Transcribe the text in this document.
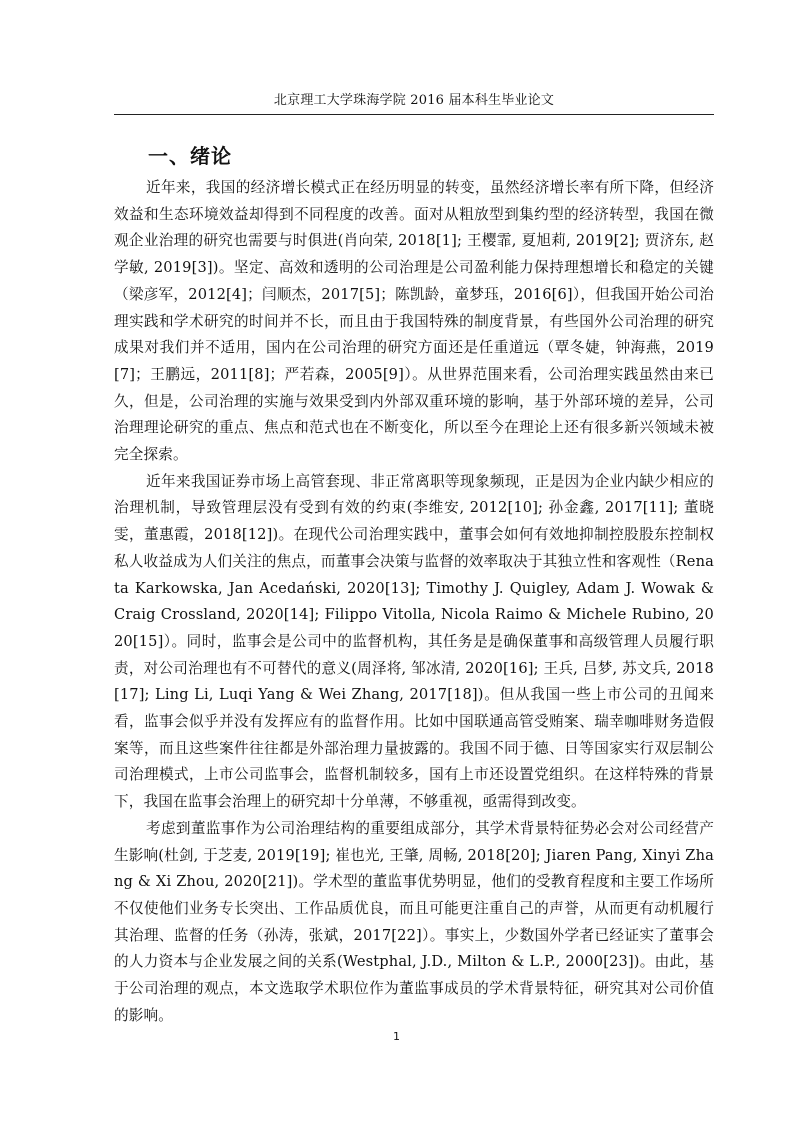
北京理工大学珠海学院 2016 届本科生毕业论文
一、绪论

近年来，我国的经济增长模式正在经历明显的转变，虽然经济增长率有所下降，但经济效益和生态环境效益却得到不同程度的改善。面对从粗放型到集约型的经济转型，我国在微观企业治理的研究也需要与时俱进(肖向荣, 2018[1]; 王樱霏, 夏旭莉, 2019[2]; 贾济东, 赵学敏, 2019[3])。坚定、高效和透明的公司治理是公司盈利能力保持理想增长和稳定的关键（梁彦军，2012[4]；闫顺杰，2017[5]；陈凯龄，童梦珏，2016[6]），但我国开始公司治理实践和学术研究的时间并不长，而且由于我国特殊的制度背景，有些国外公司治理的研究成果对我们并不适用，国内在公司治理的研究方面还是任重道远（覃冬婕，钟海燕，2019[7]；王鹏远，2011[8]；严若森，2005[9]）。从世界范围来看，公司治理实践虽然由来已久，但是，公司治理的实施与效果受到内外部双重环境的影响，基于外部环境的差异，公司治理理论研究的重点、焦点和范式也在不断变化，所以至今在理论上还有很多新兴领域未被完全探索。

近年来我国证券市场上高管套现、非正常离职等现象频现，正是因为企业内缺少相应的治理机制，导致管理层没有受到有效的约束(李维安, 2012[10]; 孙金鑫, 2017[11]; 董晓雯，董惠霞，2018[12])。在现代公司治理实践中，董事会如何有效地抑制控股股东控制权私人收益成为人们关注的焦点，而董事会决策与监督的效率取决于其独立性和客观性（Renata Karkowska, Jan Acedański, 2020[13]; Timothy J. Quigley, Adam J. Wowak & Craig Crossland, 2020[14]; Filippo Vitolla, Nicola Raimo & Michele Rubino, 2020[15]）。同时，监事会是公司中的监督机构，其任务是是确保董事和高级管理人员履行职责，对公司治理也有不可替代的意义(周泽将, 邹冰清, 2020[16]; 王兵, 吕梦, 苏文兵, 2018[17]; Ling Li, Luqi Yang & Wei Zhang, 2017[18])。但从我国一些上市公司的丑闻来看，监事会似乎并没有发挥应有的监督作用。比如中国联通高管受贿案、瑞幸咖啡财务造假案等，而且这些案件往往都是外部治理力量披露的。我国不同于德、日等国家实行双层制公司治理模式，上市公司监事会，监督机制较多，国有上市还设置党组织。在这样特殊的背景下，我国在监事会治理上的研究却十分单薄，不够重视，亟需得到改变。

考虑到董监事作为公司治理结构的重要组成部分，其学术背景特征势必会对公司经营产生影响(杜剑, 于芝麦, 2019[19]; 崔也光, 王肇, 周畅, 2018[20]; Jiaren Pang, Xinyi Zhang & Xi Zhou, 2020[21])。学术型的董监事优势明显，他们的受教育程度和主要工作场所不仅使他们业务专长突出、工作品质优良，而且可能更注重自己的声誉，从而更有动机履行其治理、监督的任务（孙涛，张斌，2017[22]）。事实上，少数国外学者已经证实了董事会的人力资本与企业发展之间的关系(Westphal, J.D., Milton & L.P., 2000[23])。由此，基于公司治理的观点，本文选取学术职位作为董监事成员的学术背景特征，研究其对公司价值的影响。

1
